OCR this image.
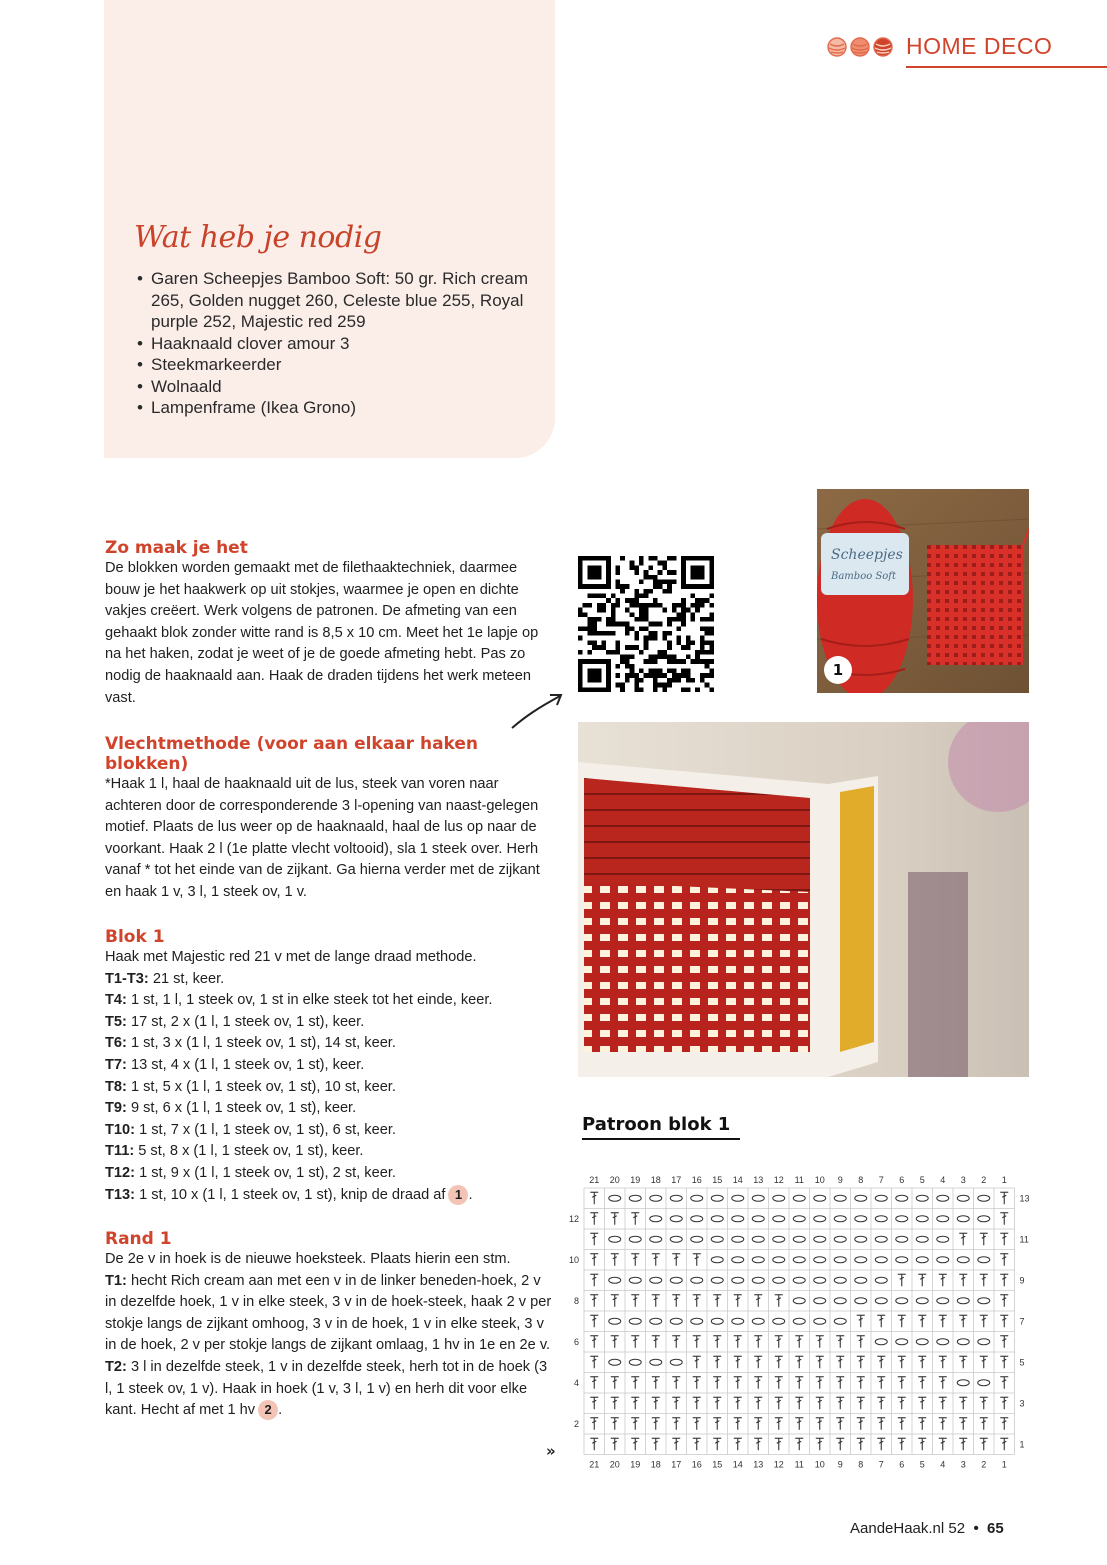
HOME DECO
Wat heb je nodig
• Garen Scheepjes Bamboo Soft: 50 gr. Rich cream 265, Golden nugget 260, Celeste blue 255, Royal purple 252, Majestic red 259
• Haaknaald clover amour 3
• Steekmarkeerder
• Wolnaald
• Lampenframe (Ikea Grono)
Zo maak je het

De blokken worden gemaakt met de filethaaktechniek, daarmee bouw je het haakwerk op uit stokjes, waarmee je open en dichte vakjes creëert. Werk volgens de patronen. De afmeting van een gehaakt blok zonder witte rand is 8,5 x 10 cm. Meet het 1e lapje op na het haken, zodat je weet of je de goede afmeting hebt. Pas zo nodig de haaknaald aan. Haak de draden tijdens het werk meteen vast.

Vlechtmethode (voor aan elkaar haken blokken)

*Haak 1 l, haal de haaknaald uit de lus, steek van voren naar achteren door de corresponderende 3 l-opening van naast-gelegen motief. Plaats de lus weer op de haaknaald, haal de lus op naar de voorkant. Haak 2 l (1e platte vlecht voltooid), sla 1 steek over. Herh vanaf * tot het einde van de zijkant. Ga hierna verder met de zijkant en haak 1 v, 3 l, 1 steek ov, 1 v.

Blok 1

Haak met Majestic red 21 v met de lange draad methode.

T1-T3: 21 st, keer.
T4: 1 st, 1 l, 1 steek ov, 1 st in elke steek tot het einde, keer.
T5: 17 st, 2 x (1 l, 1 steek ov, 1 st), keer.
T6: 1 st, 3 x (1 l, 1 steek ov, 1 st), 14 st, keer.
T7: 13 st, 4 x (1 l, 1 steek ov, 1 st), keer.
T8: 1 st, 5 x (1 l, 1 steek ov, 1 st), 10 st, keer.
T9: 9 st, 6 x (1 l, 1 steek ov, 1 st), keer.
T10: 1 st, 7 x (1 l, 1 steek ov, 1 st), 6 st, keer.
T11: 5 st, 8 x (1 l, 1 steek ov, 1 st), keer.
T12: 1 st, 9 x (1 l, 1 steek ov, 1 st), 2 st, keer.
T13: 1 st, 10 x (1 l, 1 steek ov, 1 st), knip de draad af 1 .
Rand 1

De 2e v in hoek is de nieuwe hoeksteek. Plaats hierin een stm.

T1: hecht Rich cream aan met een v in de linker beneden-hoek, 2 v in dezelfde hoek, 1 v in elke steek, 3 v in de hoek-steek, haak 2 v per stokje langs de zijkant omhoog, 3 v in de hoek, 1 v in elke steek, 3 v in de hoek, 2 v per stokje langs de zijkant omlaag, 1 hv in 1e en 2e v.
T2: 3 l in dezelfde steek, 1 v in dezelfde steek, herh tot in de hoek (3 l, 1 steek ov, 1 v). Haak in hoek (1 v, 3 l, 1 v) en herh dit voor elke kant. Hecht af met 1 hv 2 .
»
Scheepjes
Bamboo Soft
1
Patroon blok 1
21
21
20
20
19
19
18
18
17
17
16
16
15
15
14
14
13
13
12
12
11
11
10
10
9
9
8
8
7
7
6
6
5
5
4
4
3
3
2
2
1
1
13
12
11
10
9
8
7
6
5
4
3
2
1
AandeHaak.nl 52 • 65
